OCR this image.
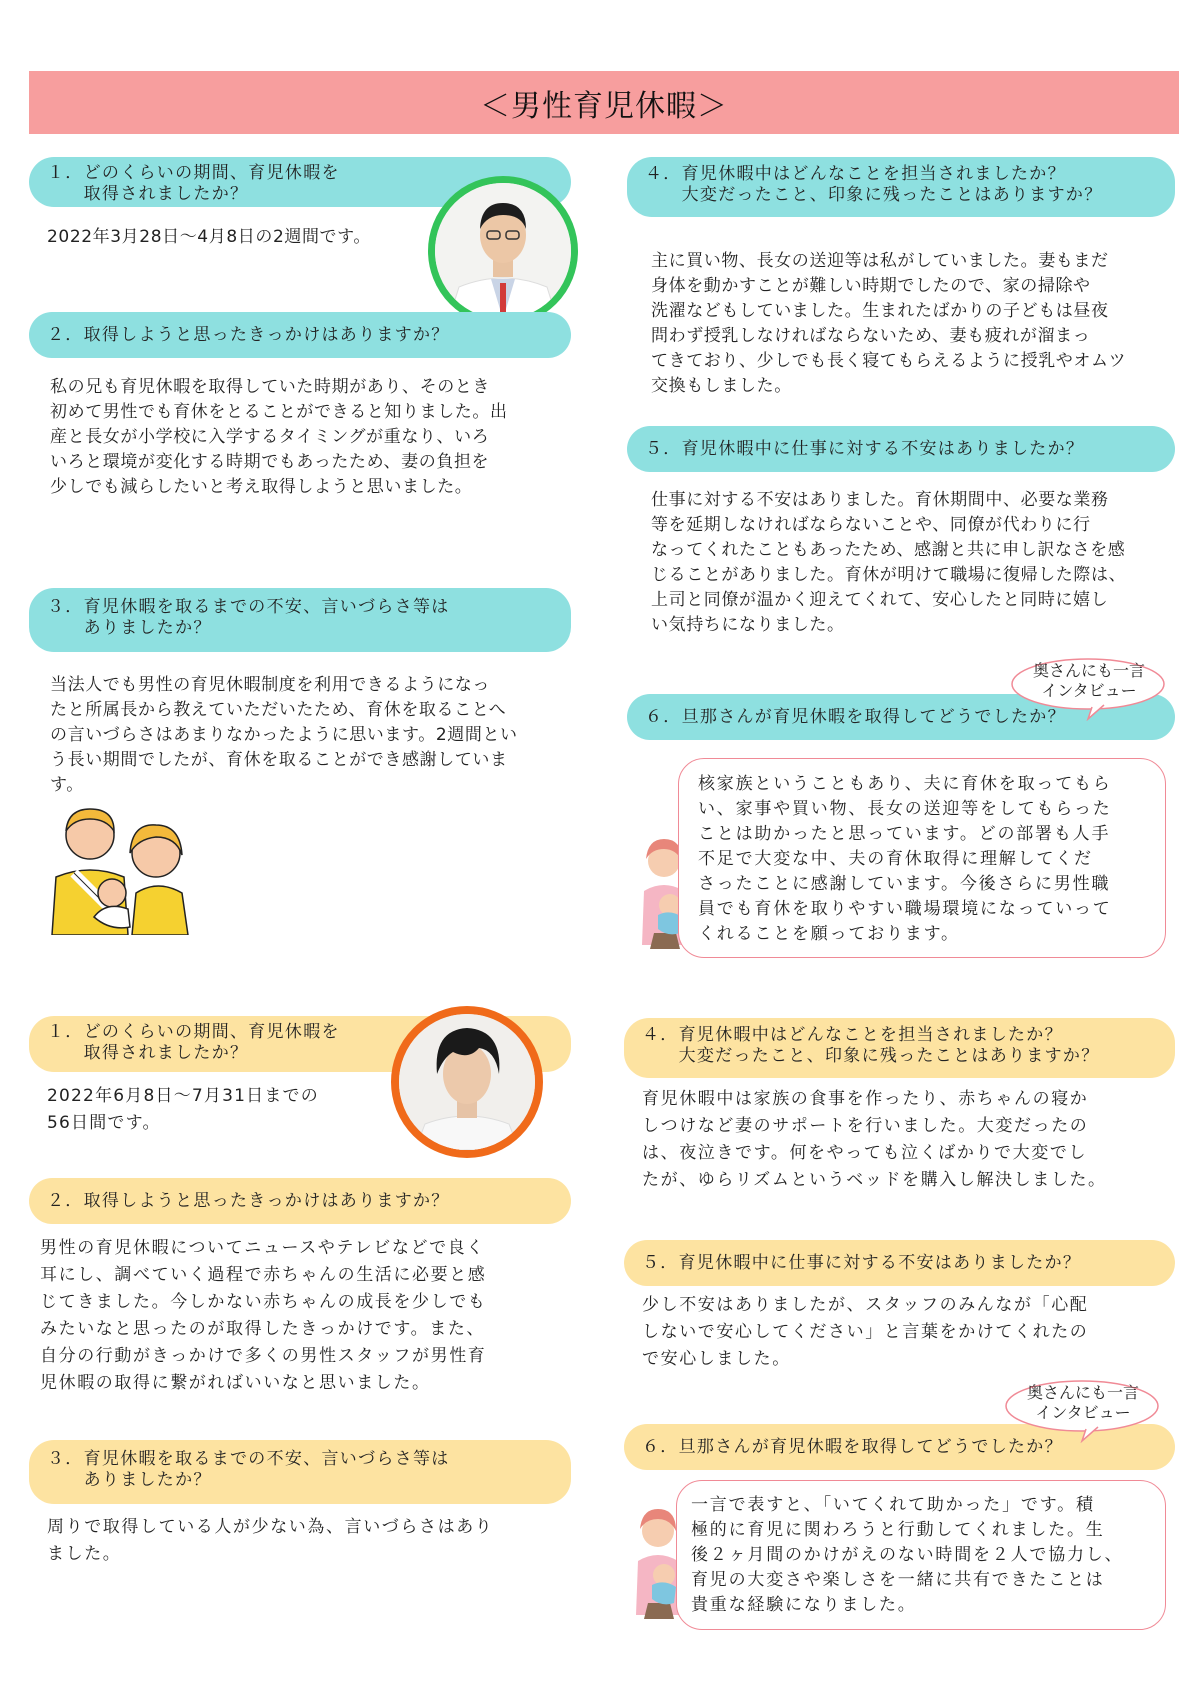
＜男性育児休暇＞
１．どのくらいの期間、育児休暇を
　　取得されましたか？
2022年3月28日～4月8日の2週間です。
２．取得しようと思ったきっかけはありますか？
私の兄も育児休暇を取得していた時期があり、そのとき
初めて男性でも育休をとることができると知りました。出
産と長女が小学校に入学するタイミングが重なり、いろ
いろと環境が変化する時期でもあったため、妻の負担を
少しでも減らしたいと考え取得しようと思いました。
３．育児休暇を取るまでの不安、言いづらさ等は
　　ありましたか？
当法人でも男性の育児休暇制度を利用できるようになっ
たと所属長から教えていただいたため、育休を取ることへ
の言いづらさはあまりなかったように思います。2週間とい
う長い期間でしたが、育休を取ることができ感謝していま
す。
４．育児休暇中はどんなことを担当されましたか？
　　大変だったこと、印象に残ったことはありますか？
主に買い物、長女の送迎等は私がしていました。妻もまだ
身体を動かすことが難しい時期でしたので、家の掃除や
洗濯などもしていました。生まれたばかりの子どもは昼夜
問わず授乳しなければならないため、妻も疲れが溜まっ
てきており、少しでも長く寝てもらえるように授乳やオムツ
交換もしました。
５．育児休暇中に仕事に対する不安はありましたか？
仕事に対する不安はありました。育休期間中、必要な業務
等を延期しなければならないことや、同僚が代わりに行
なってくれたこともあったため、感謝と共に申し訳なさを感
じることがありました。育休が明けて職場に復帰した際は、
上司と同僚が温かく迎えてくれて、安心したと同時に嬉し
い気持ちになりました。
６．旦那さんが育児休暇を取得してどうでしたか？
奥さんにも一言
インタビュー
核家族ということもあり、夫に育休を取ってもら
い、家事や買い物、長女の送迎等をしてもらった
ことは助かったと思っています。どの部署も人手
不足で大変な中、夫の育休取得に理解してくだ
さったことに感謝しています。今後さらに男性職
員でも育休を取りやすい職場環境になっていって
くれることを願っております。
１．どのくらいの期間、育児休暇を
　　取得されましたか？
2022年6月8日～7月31日までの
56日間です。
２．取得しようと思ったきっかけはありますか？
男性の育児休暇についてニュースやテレビなどで良く
耳にし、調べていく過程で赤ちゃんの生活に必要と感
じてきました。今しかない赤ちゃんの成長を少しでも
みたいなと思ったのが取得したきっかけです。また、
自分の行動がきっかけで多くの男性スタッフが男性育
児休暇の取得に繋がればいいなと思いました。
３．育児休暇を取るまでの不安、言いづらさ等は
　　ありましたか？
周りで取得している人が少ない為、言いづらさはあり
ました。
４．育児休暇中はどんなことを担当されましたか？
　　大変だったこと、印象に残ったことはありますか？
育児休暇中は家族の食事を作ったり、赤ちゃんの寝か
しつけなど妻のサポートを行いました。大変だったの
は、夜泣きです。何をやっても泣くばかりで大変でし
たが、ゆらリズムというベッドを購入し解決しました。
５．育児休暇中に仕事に対する不安はありましたか？
少し不安はありましたが、スタッフのみんなが「心配
しないで安心してください」と言葉をかけてくれたの
で安心しました。
６．旦那さんが育児休暇を取得してどうでしたか？
奥さんにも一言
インタビュー
一言で表すと、「いてくれて助かった」です。積
極的に育児に関わろうと行動してくれました。生
後２ヶ月間のかけがえのない時間を２人で協力し、
育児の大変さや楽しさを一緒に共有できたことは
貴重な経験になりました。
